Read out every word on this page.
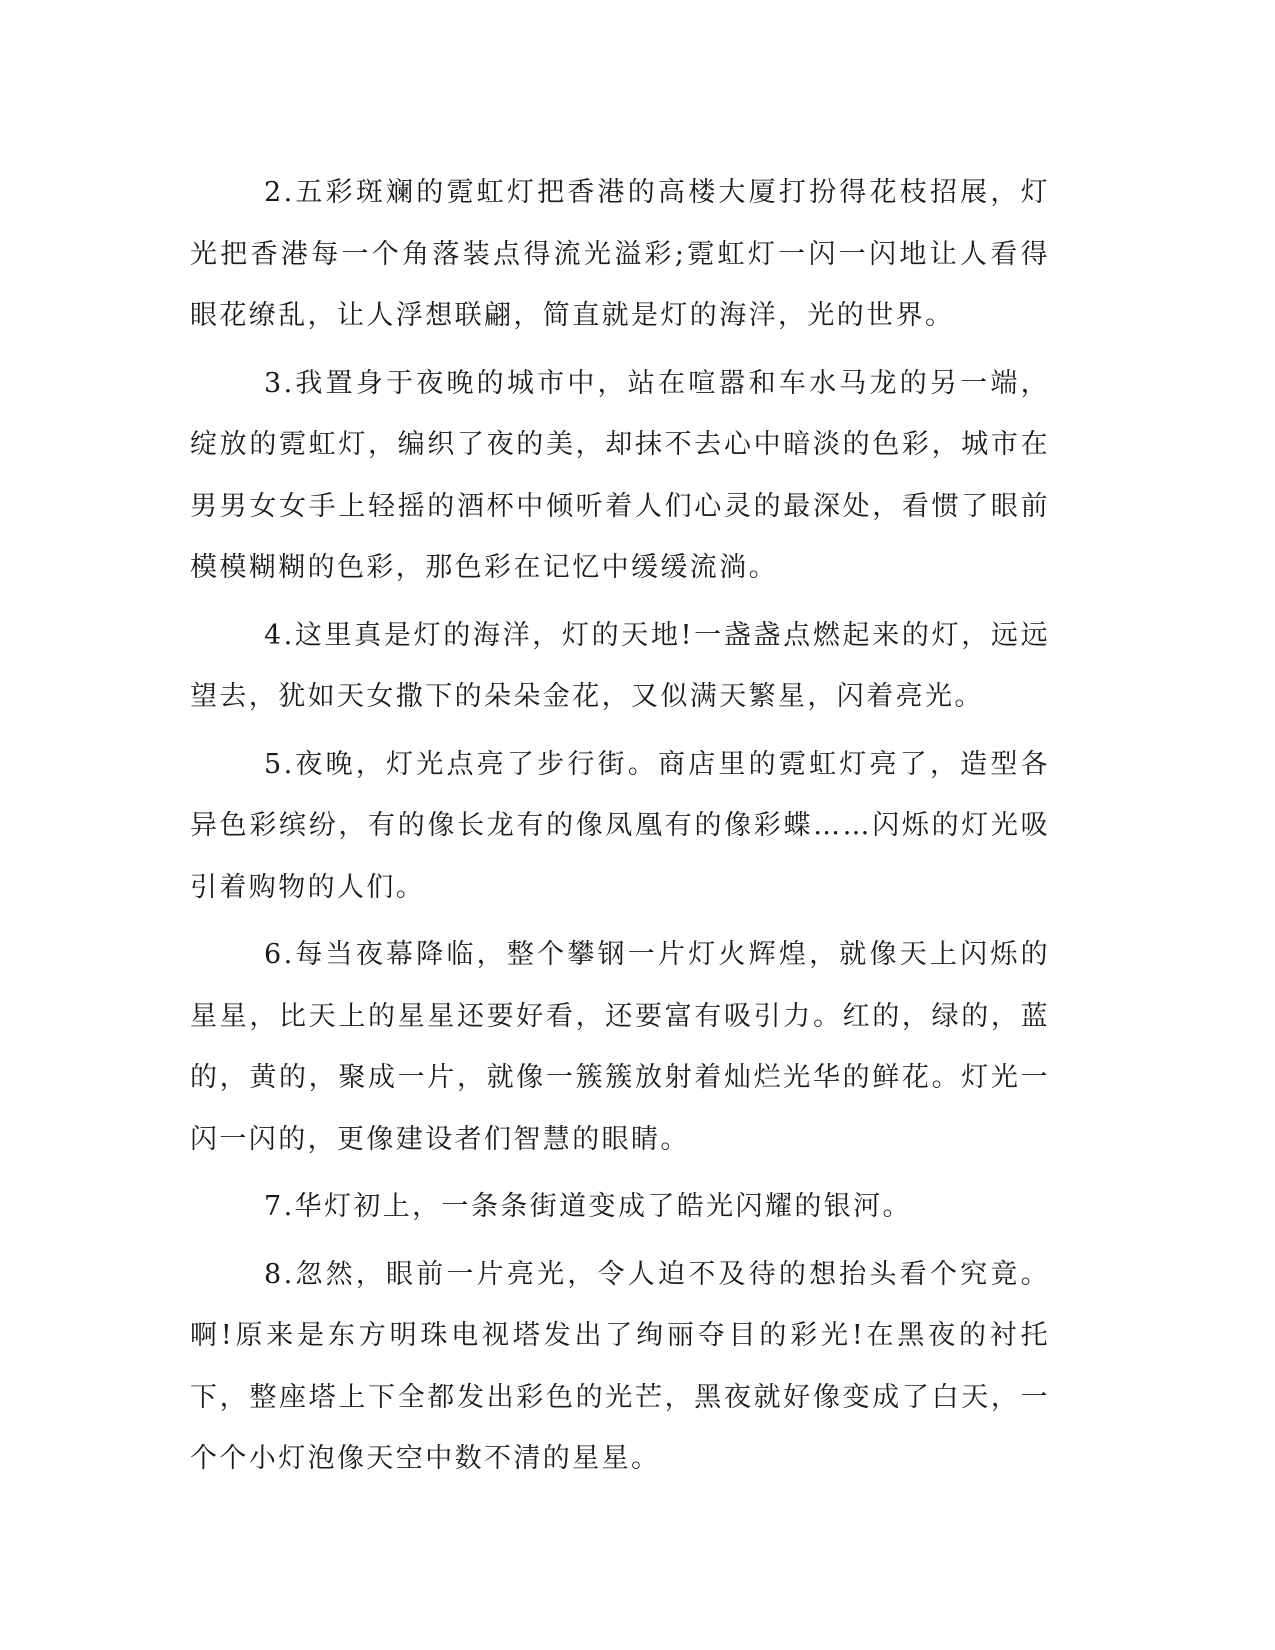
2.五彩斑斓的霓虹灯把香港的高楼大厦打扮得花枝招展，灯光把香港每一个角落装点得流光溢彩;霓虹灯一闪一闪地让人看得眼花缭乱，让人浮想联翩，简直就是灯的海洋，光的世界。

3.我置身于夜晚的城市中，站在喧嚣和车水马龙的另一端，绽放的霓虹灯，编织了夜的美，却抹不去心中暗淡的色彩，城市在男男女女手上轻摇的酒杯中倾听着人们心灵的最深处，看惯了眼前模模糊糊的色彩，那色彩在记忆中缓缓流淌。

4.这里真是灯的海洋，灯的天地!一盏盏点燃起来的灯，远远望去，犹如天女撒下的朵朵金花，又似满天繁星，闪着亮光。

5.夜晚，灯光点亮了步行街。商店里的霓虹灯亮了，造型各异色彩缤纷，有的像长龙有的像凤凰有的像彩蝶……闪烁的灯光吸引着购物的人们。

6.每当夜幕降临，整个攀钢一片灯火辉煌，就像天上闪烁的星星，比天上的星星还要好看，还要富有吸引力。红的，绿的，蓝的，黄的，聚成一片，就像一簇簇放射着灿烂光华的鲜花。灯光一闪一闪的，更像建设者们智慧的眼睛。

7.华灯初上，一条条街道变成了皓光闪耀的银河。

8.忽然，眼前一片亮光，令人迫不及待的想抬头看个究竟。啊!原来是东方明珠电视塔发出了绚丽夺目的彩光!在黑夜的衬托下，整座塔上下全都发出彩色的光芒，黑夜就好像变成了白天，一个个小灯泡像天空中数不清的星星。
